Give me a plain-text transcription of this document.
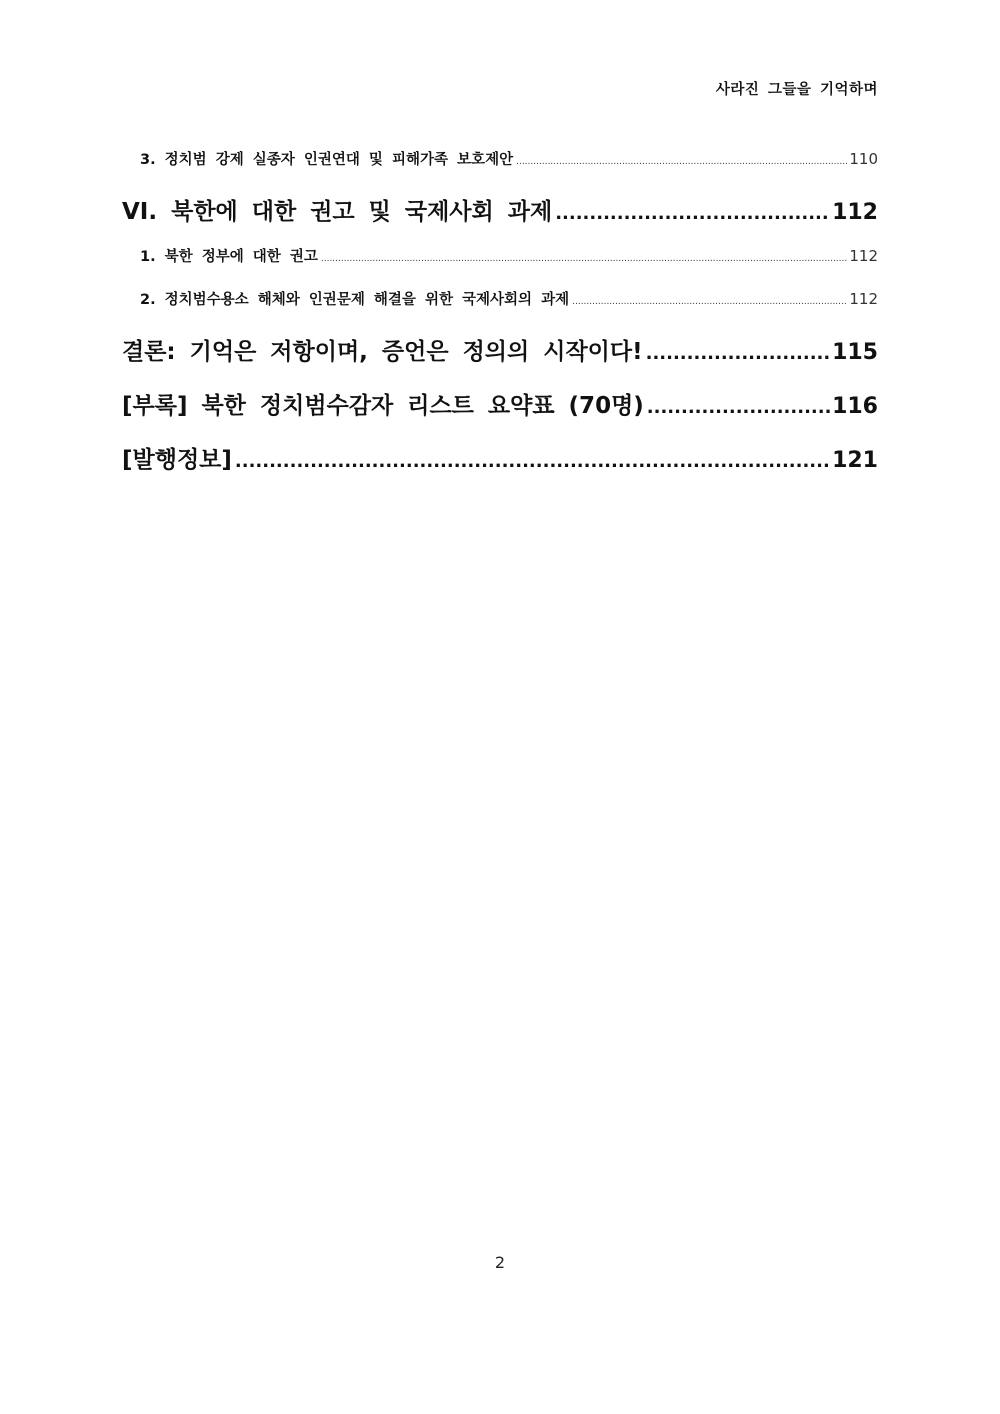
사라진 그들을 기억하며
3. 정치범 강제 실종자 인권연대 및 피해가족 보호제안 .....	110
VI. 북한에 대한 권고 및 국제사회 과제 .....	112
1. 북한 정부에 대한 권고 .....	112
2. 정치범수용소 해체와 인권문제 해결을 위한 국제사회의 과제 .....	112
결론: 기억은 저항이며, 증언은 정의의 시작이다! .....	115
[부록] 북한 정치범수감자 리스트 요약표 (70명) .....	116
[발행정보] .....	121
2
